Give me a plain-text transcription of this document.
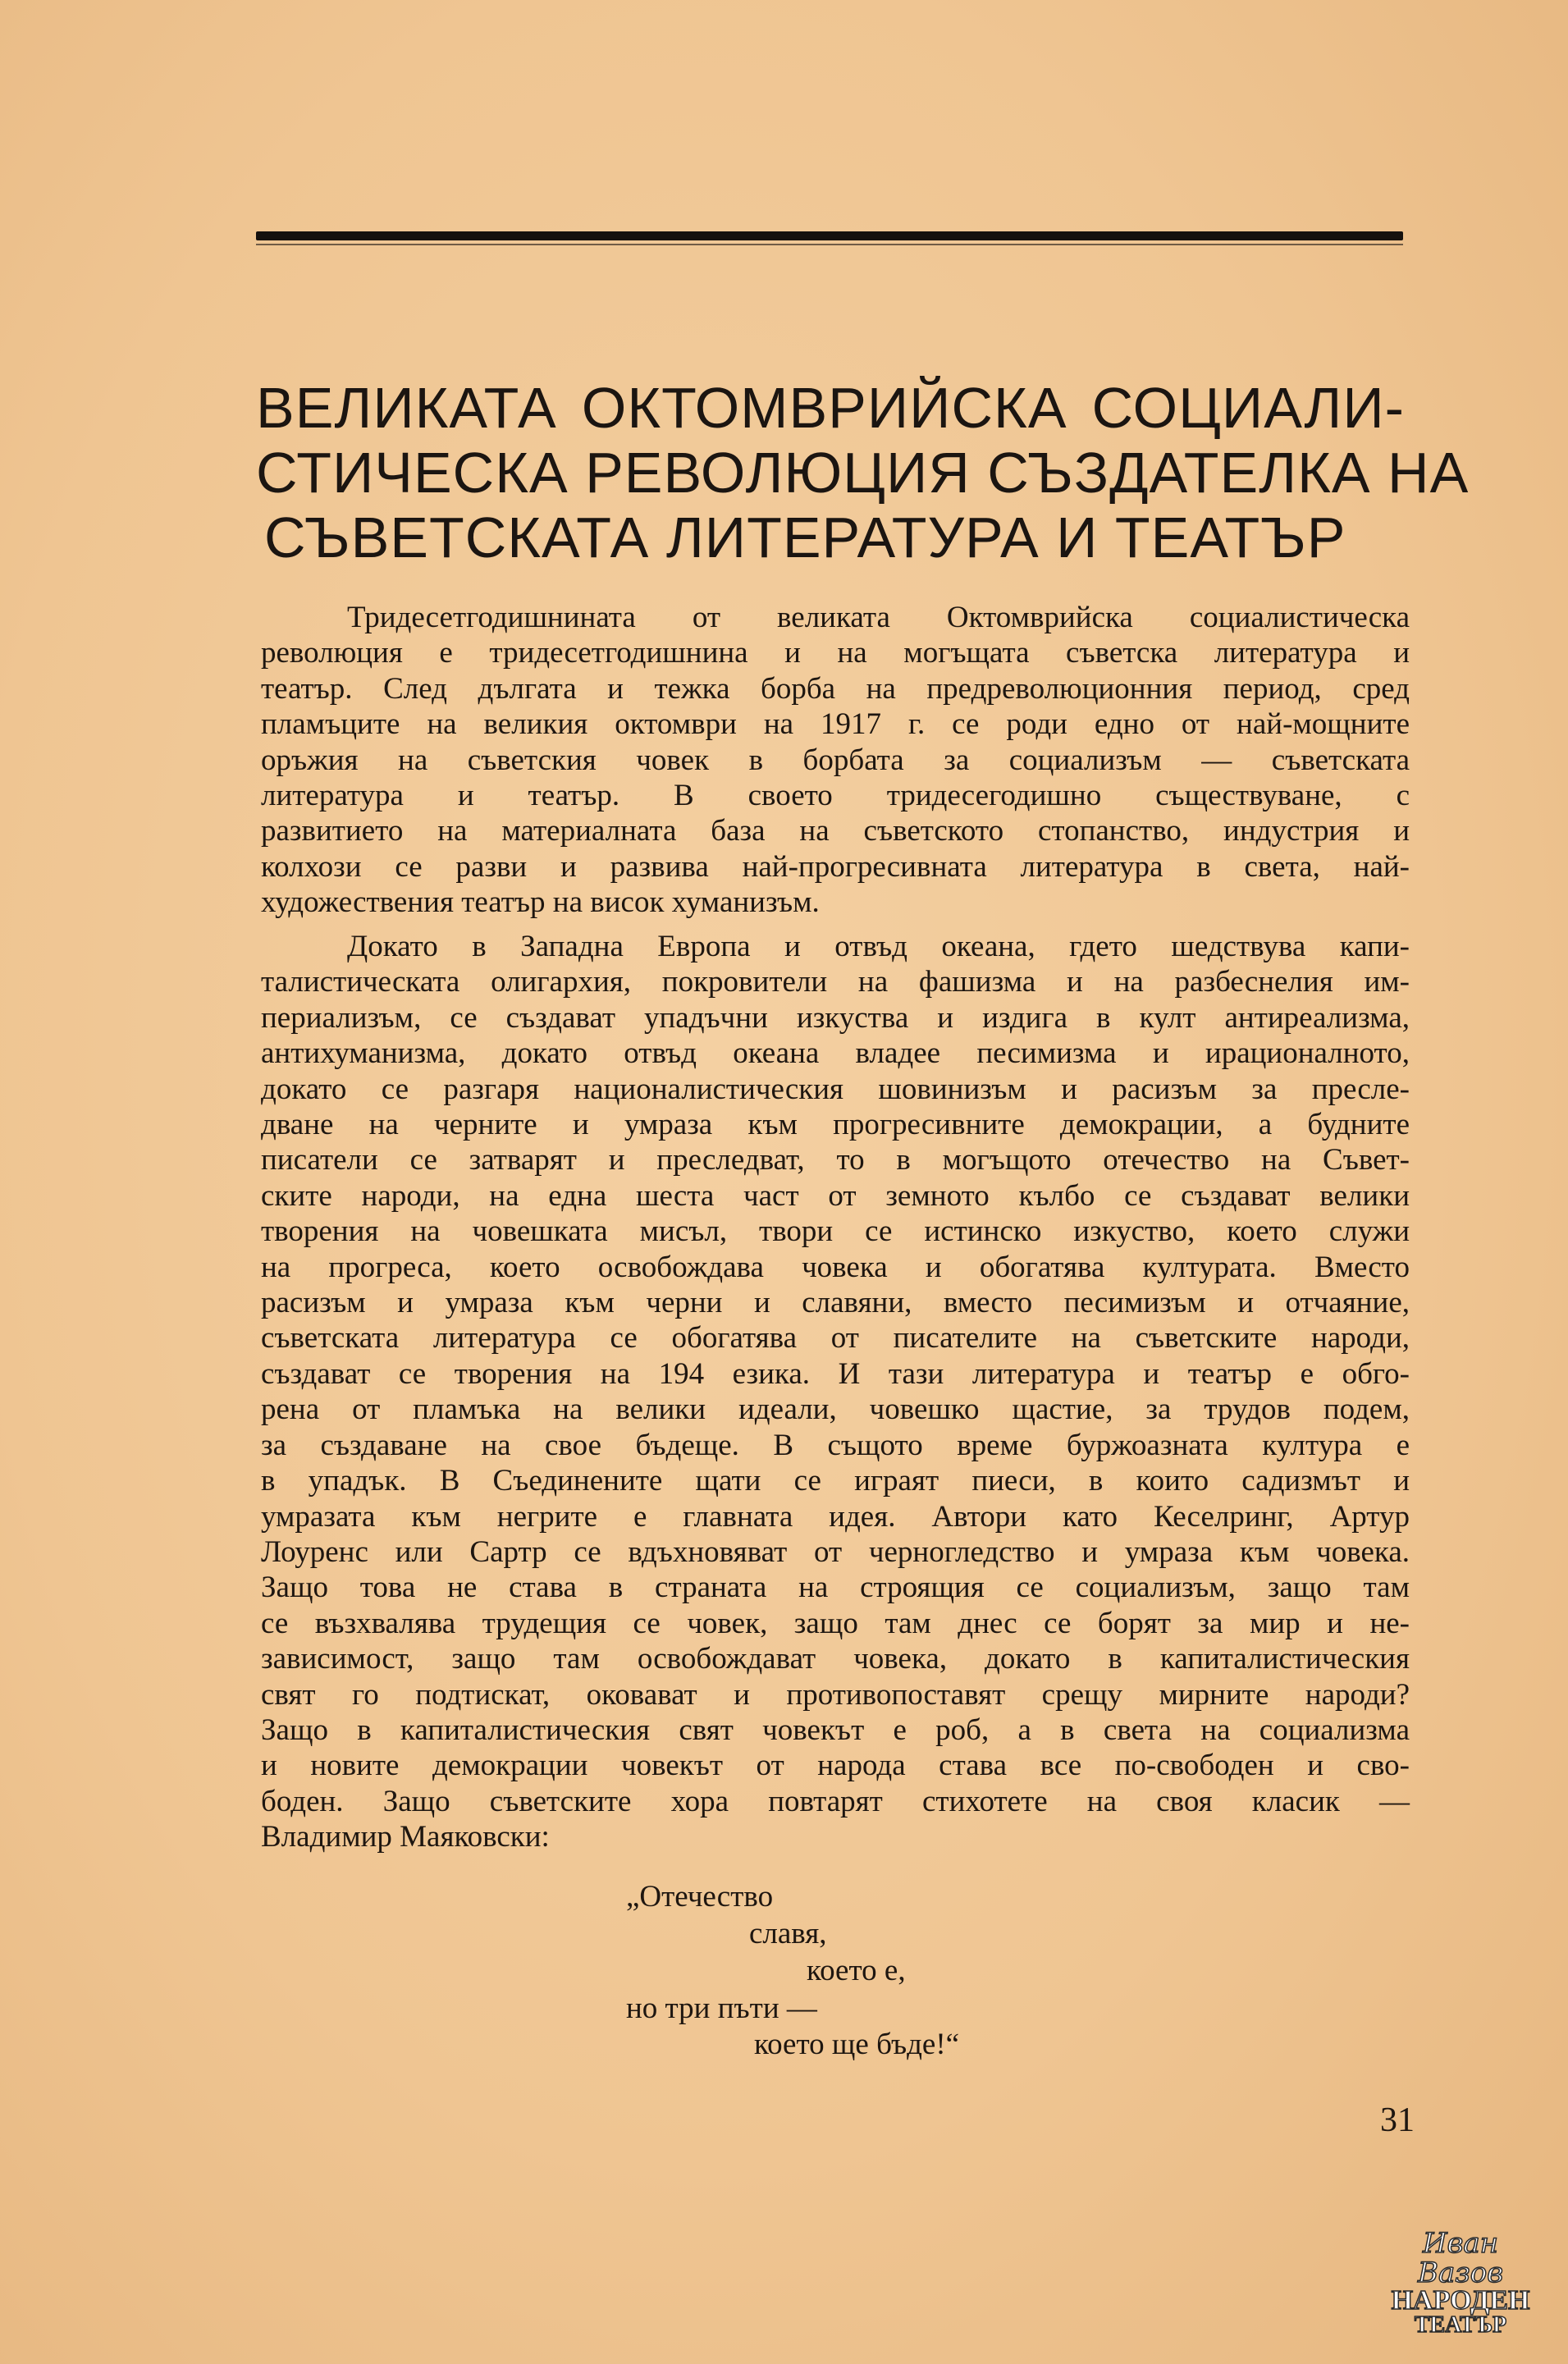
ВЕЛИКАТА ОКТОМВРИЙСКА СОЦИАЛИ-
СТИЧЕСКА РЕВОЛЮЦИЯ СЪЗДАТЕЛКА НА
СЪВЕТСКАТА ЛИТЕРАТУРА И ТЕАТЪР
Тридесетгодишнината от великата Октомврийска социалистическа
революция е тридесетгодишнина и на могъщата съветска литература и
театър. След дългата и тежка борба на предреволюционния период, сред
пламъците на великия октомври на 1917 г. се роди едно от най-мощните
оръжия на съветския човек в борбата за социализъм — съветската
литература и театър. В своето тридесегодишно съществуване, с
развитието на материалната база на съветското стопанство, индустрия и
колхози се разви и развива най-прогресивната литература в света, най-
художествения театър на висок хуманизъм.
Докато в Западна Европа и отвъд океана, гдето шедствува капи-
талистическата олигархия, покровители на фашизма и на разбеснелия им-
периализъм, се създават упадъчни изкуства и издига в култ антиреализма,
антихуманизма, докато отвъд океана владее песимизма и ирационалното,
докато се разгаря националистическия шовинизъм и расизъм за пресле-
дване на черните и умраза към прогресивните демокрации, а будните
писатели се затварят и преследват, то в могъщото отечество на Съвет-
ските народи, на една шеста част от земното кълбо се създават велики
творения на човешката мисъл, твори се истинско изкуство, което служи
на прогреса, което освобождава човека и обогатява културата. Вместо
расизъм и умраза към черни и славяни, вместо песимизъм и отчаяние,
съветската литература се обогатява от писателите на съветските народи,
създават се творения на 194 езика. И тази литература и театър е обго-
рена от пламъка на велики идеали, човешко щастие, за трудов подем,
за създаване на свое бъдеще. В същото време буржоазната култура е
в упадък. В Съединените щати се играят пиеси, в които садизмът и
умразата към негрите е главната идея. Автори като Кеселринг, Артур
Лоуренс или Сартр се вдъхновяват от черногледство и умраза към човека.
Защо това не става в страната на строящия се социализъм, защо там
се възхвалява трудещия се човек, защо там днес се борят за мир и не-
зависимост, защо там освобождават човека, докато в капиталистическия
свят го подтискат, оковават и противопоставят срещу мирните народи?
Защо в капиталистическия свят човекът е роб, а в света на социализма
и новите демокрации човекът от народа става все по-свободен и сво-
боден. Защо съветските хора повтарят стихотете на своя класик —
Владимир Маяковски:
„Отечество
славя,
което е,
но три пъти —
което ще бъде!“
31
Иван Вазов
НАРОДЕН
ТЕАТЪР
